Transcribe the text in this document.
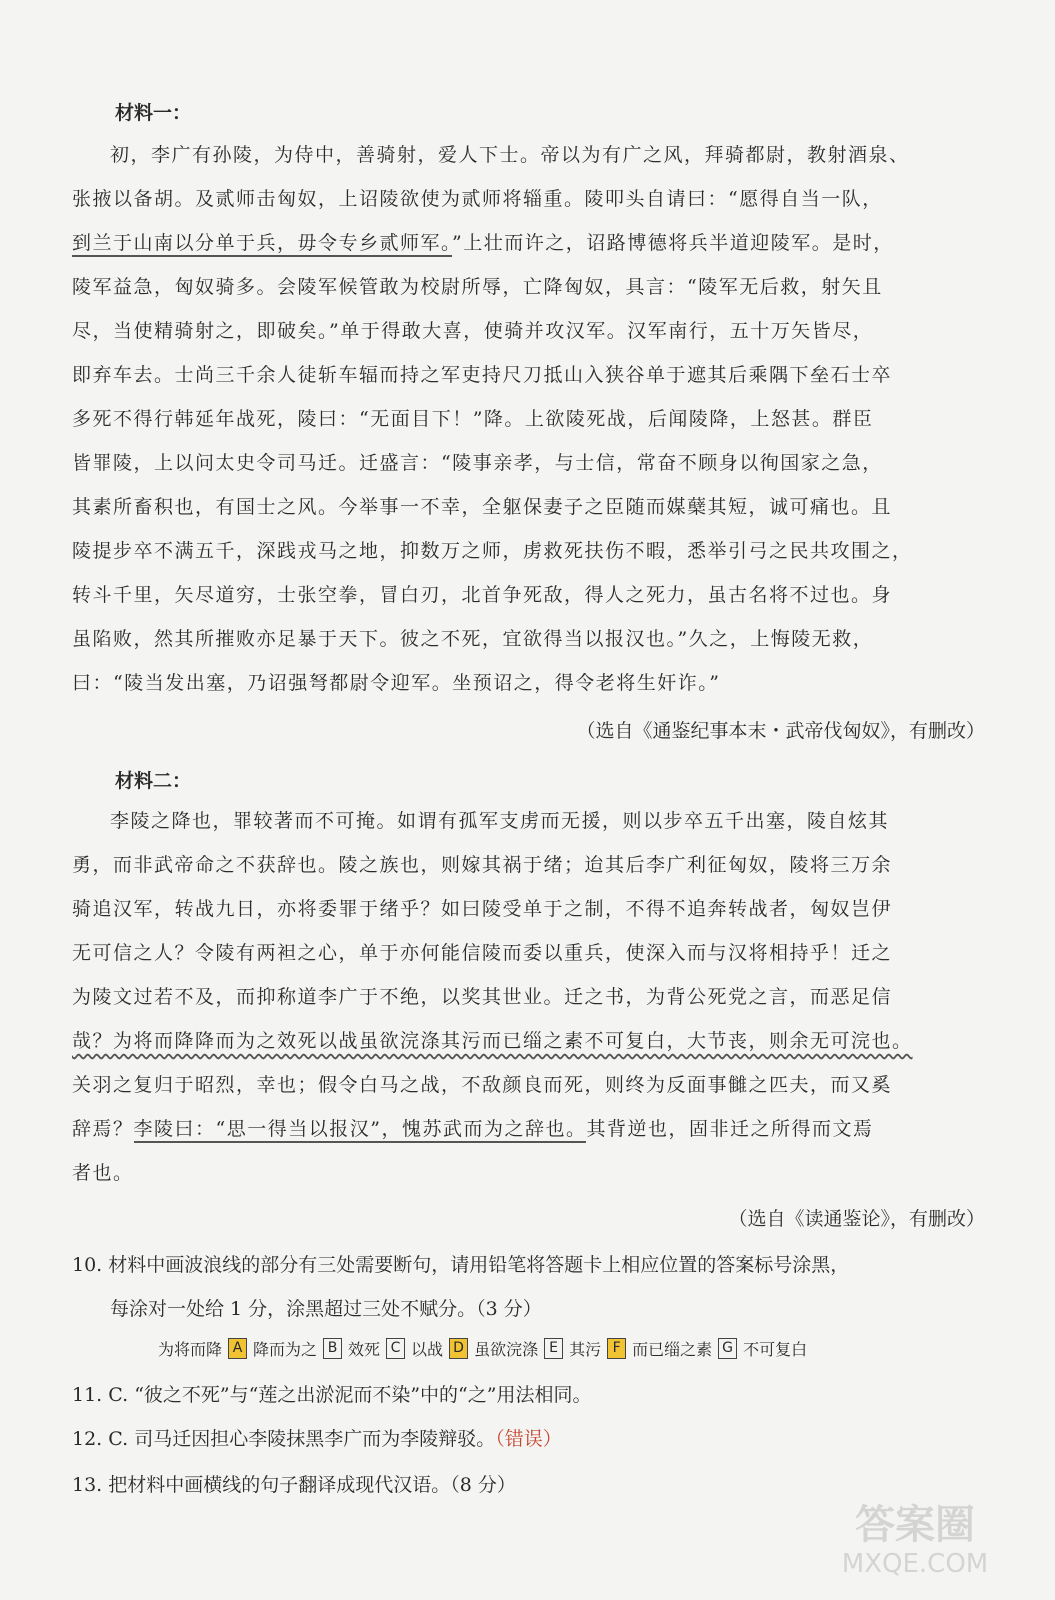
材料一：
初，李广有孙陵，为侍中，善骑射，爱人下士。帝以为有广之风，拜骑都尉，教射酒泉、
张掖以备胡。及贰师击匈奴，上诏陵欲使为贰师将辎重。陵叩头自请曰：“愿得自当一队，
到兰于山南以分单于兵，毋令专乡贰师军。”上壮而许之，诏路博德将兵半道迎陵军。是时，
陵军益急，匈奴骑多。会陵军候管敢为校尉所辱，亡降匈奴，具言：“陵军无后救，射矢且
尽，当使精骑射之，即破矣。”单于得敢大喜，使骑并攻汉军。汉军南行，五十万矢皆尽，
即弃车去。士尚三千余人徒斩车辐而持之军吏持尺刀抵山入狭谷单于遮其后乘隅下垒石士卒
多死不得行韩延年战死，陵曰：“无面目下！”降。上欲陵死战，后闻陵降，上怒甚。群臣
皆罪陵，上以问太史令司马迁。迁盛言：“陵事亲孝，与士信，常奋不顾身以徇国家之急，
其素所畜积也，有国士之风。今举事一不幸，全躯保妻子之臣随而媒蘖其短，诚可痛也。且
陵提步卒不满五千，深践戎马之地，抑数万之师，虏救死扶伤不暇，悉举引弓之民共攻围之，
转斗千里，矢尽道穷，士张空拳，冒白刃，北首争死敌，得人之死力，虽古名将不过也。身
虽陷败，然其所摧败亦足暴于天下。彼之不死，宜欲得当以报汉也。”久之，上悔陵无救，
曰：“陵当发出塞，乃诏强弩都尉令迎军。坐预诏之，得令老将生奸诈。”
（选自《通鉴纪事本末・武帝伐匈奴》，有删改）
材料二：
李陵之降也，罪较著而不可掩。如谓有孤军支虏而无援，则以步卒五千出塞，陵自炫其
勇，而非武帝命之不获辞也。陵之族也，则嫁其祸于绪；迨其后李广利征匈奴，陵将三万余
骑追汉军，转战九日，亦将委罪于绪乎？如曰陵受单于之制，不得不追奔转战者，匈奴岂伊
无可信之人？令陵有两袒之心，单于亦何能信陵而委以重兵，使深入而与汉将相持乎！迁之
为陵文过若不及，而抑称道李广于不绝，以奖其世业。迁之书，为背公死党之言，而恶足信
哉？为将而降降而为之效死以战虽欲浣涤其污而已缁之素不可复白，大节丧，则余无可浣也。
关羽之复归于昭烈，幸也；假令白马之战，不敌颜良而死，则终为反面事雠之匹夫，而又奚
辞焉？李陵曰：“思一得当以报汉”，愧苏武而为之辞也。其背逆也，固非迁之所得而文焉
者也。
（选自《读通鉴论》，有删改）
10. 材料中画波浪线的部分有三处需要断句，请用铅笔将答题卡上相应位置的答案标号涂黑，
每涂对一处给 1 分，涂黑超过三处不赋分。（3 分）
为将而降 A 降而为之 B 效死 C 以战 D 虽欲浣涤 E 其污 F 而已缁之素 G 不可复白
11. C. “彼之不死”与“莲之出淤泥而不染”中的“之”用法相同。
12. C. 司马迁因担心李陵抹黑李广而为李陵辩驳。（错误）
13. 把材料中画横线的句子翻译成现代汉语。（8 分）
答案圈
MXQE.COM
